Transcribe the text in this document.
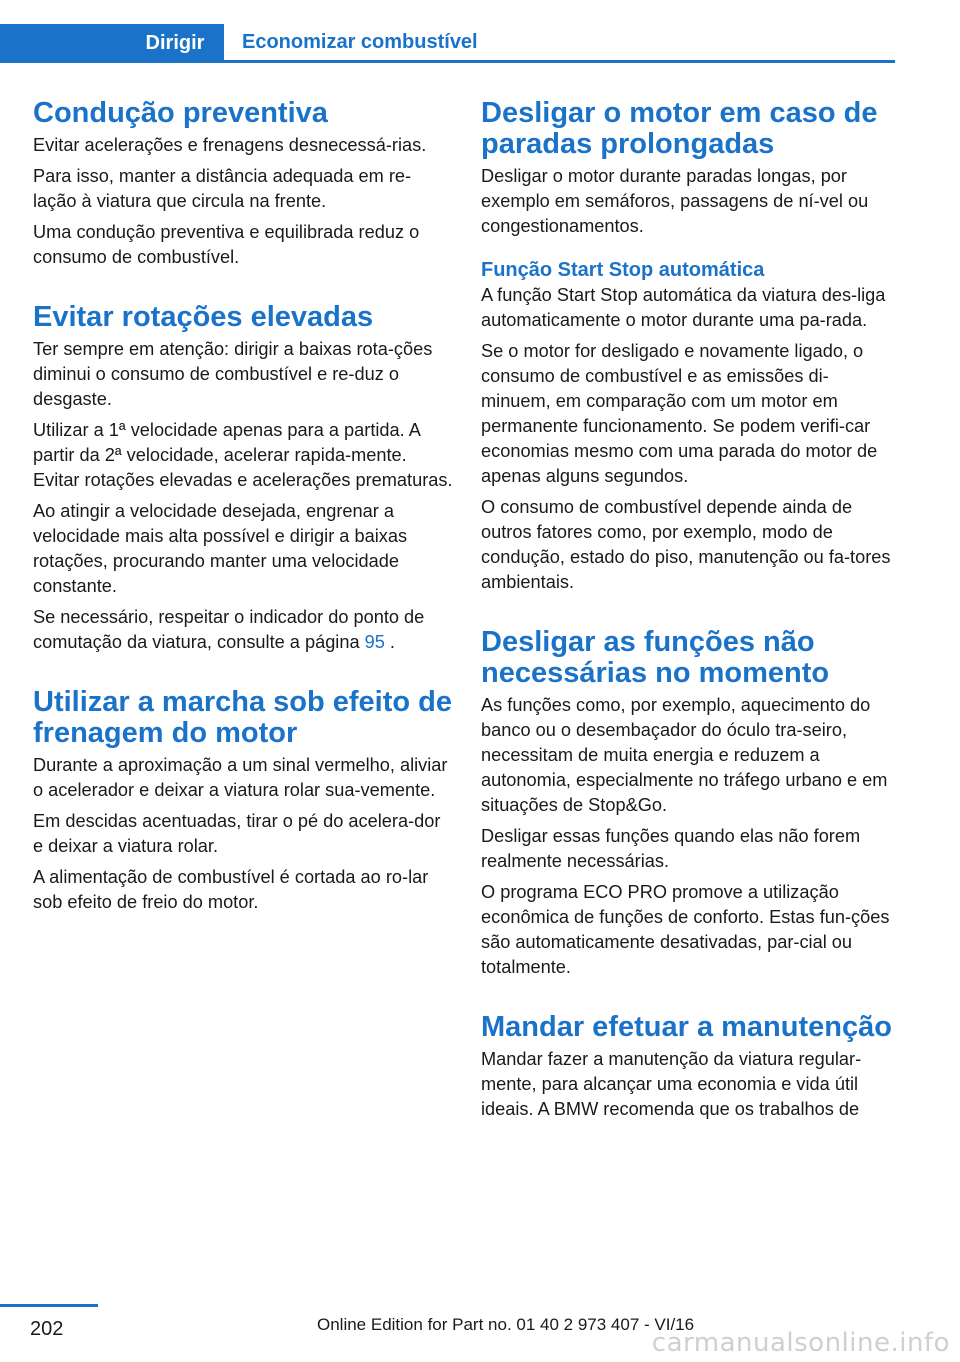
Dirigir	Economizar combustível
Condução preventiva

Evitar acelerações e frenagens desnecessá-rias.

Para isso, manter a distância adequada em re-lação à viatura que circula na frente.

Uma condução preventiva e equilibrada reduz o consumo de combustível.

Evitar rotações elevadas

Ter sempre em atenção: dirigir a baixas rota-ções diminui o consumo de combustível e re-duz o desgaste.

Utilizar a 1ª velocidade apenas para a partida. A partir da 2ª velocidade, acelerar rapida-mente. Evitar rotações elevadas e acelerações prematuras.

Ao atingir a velocidade desejada, engrenar a velocidade mais alta possível e dirigir a baixas rotações, procurando manter uma velocidade constante.

Se necessário, respeitar o indicador do ponto de comutação da viatura, consulte a página 95 .

Utilizar a marcha sob efeito de frenagem do motor

Durante a aproximação a um sinal vermelho, aliviar o acelerador e deixar a viatura rolar sua-vemente.

Em descidas acentuadas, tirar o pé do acelera-dor e deixar a viatura rolar.

A alimentação de combustível é cortada ao ro-lar sob efeito de freio do motor.

Desligar o motor em caso de paradas prolongadas

Desligar o motor durante paradas longas, por exemplo em semáforos, passagens de ní-vel ou congestionamentos.

Função Start Stop automática

A função Start Stop automática da viatura des-liga automaticamente o motor durante uma pa-rada.

Se o motor for desligado e novamente ligado, o consumo de combustível e as emissões di-minuem, em comparação com um motor em permanente funcionamento. Se podem verifi-car economias mesmo com uma parada do motor de apenas alguns segundos.

O consumo de combustível depende ainda de outros fatores como, por exemplo, modo de condução, estado do piso, manutenção ou fa-tores ambientais.

Desligar as funções não necessárias no momento

As funções como, por exemplo, aquecimento do banco ou o desembaçador do óculo tra-seiro, necessitam de muita energia e reduzem a autonomia, especialmente no tráfego urbano e em situações de Stop&Go.

Desligar essas funções quando elas não forem realmente necessárias.

O programa ECO PRO promove a utilização econômica de funções de conforto. Estas fun-ções são automaticamente desativadas, par-cial ou totalmente.

Mandar efetuar a manutenção

Mandar fazer a manutenção da viatura regular-mente, para alcançar uma economia e vida útil ideais. A BMW recomenda que os trabalhos de

202	Online Edition for Part no. 01 40 2 973 407 - VI/16
carmanualsonline.info
